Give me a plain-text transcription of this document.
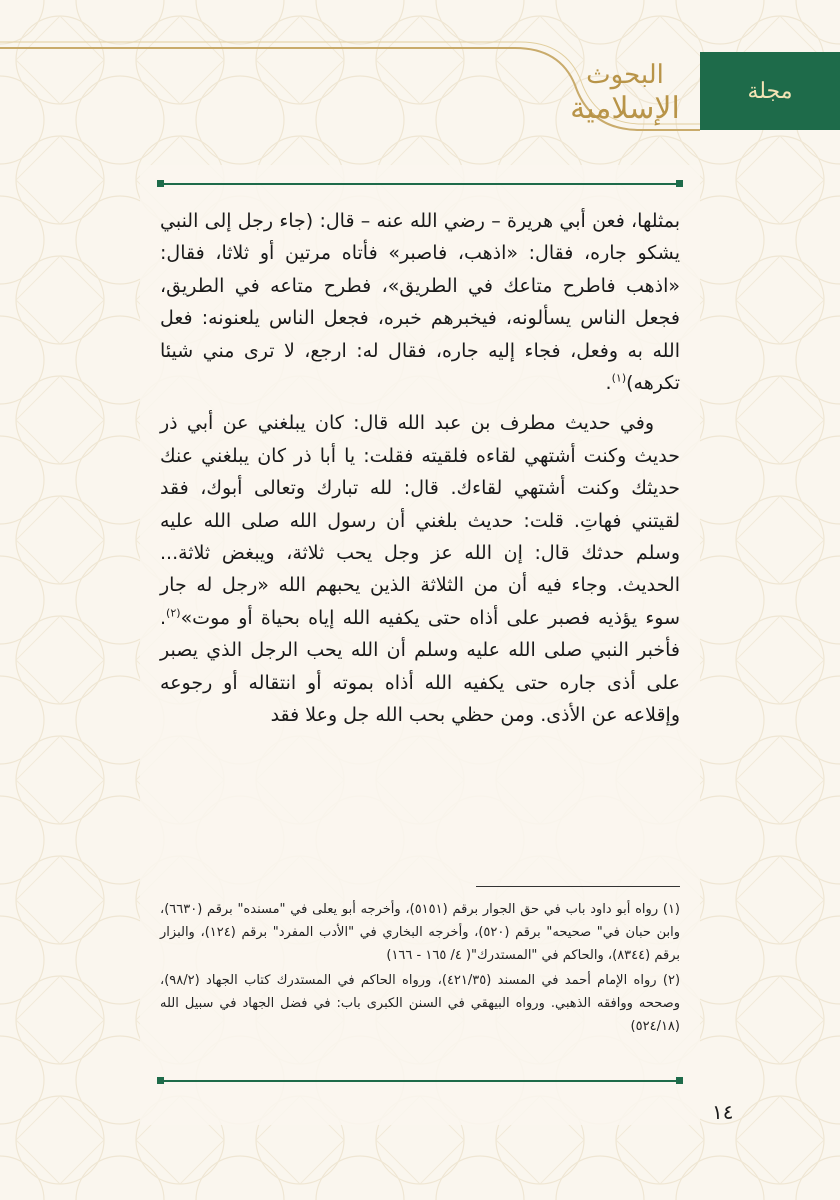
البحوث
الإسلامية	مجلة

بمثلها، فعن أبي هريرة – رضي الله عنه – قال: (جاء رجل إلى النبي يشكو جاره، فقال: «اذهب، فاصبر» فأتاه مرتين أو ثلاثا، فقال: «اذهب فاطرح متاعك في الطريق»، فطرح متاعه في الطريق، فجعل الناس يسألونه، فيخبرهم خبره، فجعل الناس يلعنونه: فعل الله به وفعل، فجاء إليه جاره، فقال له: ارجع، لا ترى مني شيئا تكرهه)$^{(١)}$.

وفي حديث مطرف بن عبد الله قال: كان يبلغني عن أبي ذر حديث وكنت أشتهي لقاءه فلقيته فقلت: يا أبا ذر كان يبلغني عنك حديثك وكنت أشتهي لقاءك. قال: لله تبارك وتعالى أبوك، فقد لقيتني فهاتِ. قلت: حديث بلغني أن رسول الله صلى الله عليه وسلم حدثك قال: إن الله عز وجل يحب ثلاثة، ويبغض ثلاثة... الحديث. وجاء فيه أن من الثلاثة الذين يحبهم الله «رجل له جار سوء يؤذيه فصبر على أذاه حتى يكفيه الله إياه بحياة أو موت»$^{(٢)}$. فأخبر النبي صلى الله عليه وسلم أن الله يحب الرجل الذي يصبر على أذى جاره حتى يكفيه الله أذاه بموته أو انتقاله أو رجوعه وإقلاعه عن الأذى. ومن حظي بحب الله جل وعلا فقد

(١) رواه أبو داود باب في حق الجوار برقم (٥١٥١)، وأخرجه أبو يعلى في "مسنده" برقم (٦٦٣٠)، وابن حبان في" صحيحه" برقم (٥٢٠)، وأخرجه البخاري في "الأدب المفرد" برقم (١٢٤)، والبزار برقم (٨٣٤٤)، والحاكم في "المستدرك"( ٤/ ١٦٥ - ١٦٦)

(٢) رواه الإمام أحمد في المسند (٤٢١/٣٥)، ورواه الحاكم في المستدرك كتاب الجهاد (٩٨/٢)، وصححه ووافقه الذهبي. ورواه البيهقي في السنن الكبرى باب: في فضل الجهاد في سبيل الله (٥٢٤/١٨)

١٤
